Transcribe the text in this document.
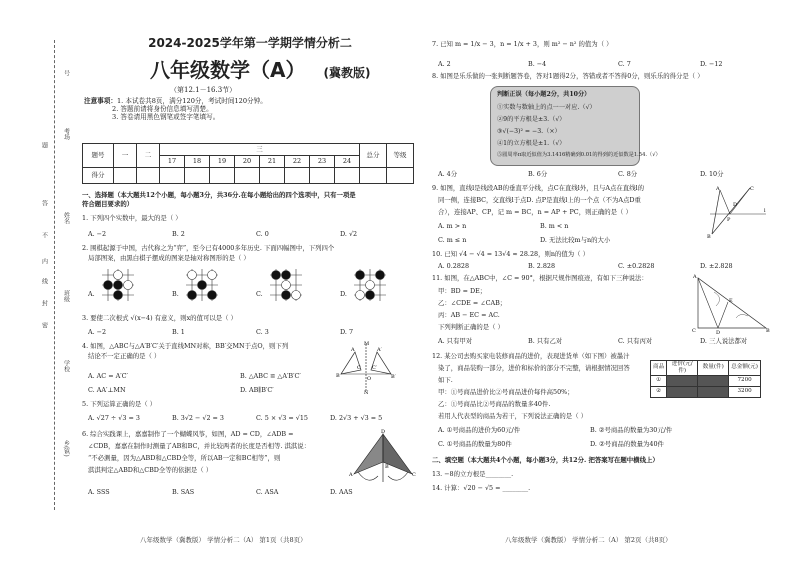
号
考场
题
答
姓名
不
内
线
封
密
班级
学校
乡(镇)
2024-2025学年第一学期学情分析二
八年级数学（A） (冀教版)
（第12.1－16.3节）
注意事项：1. 本试卷共8页，满分120分，考试时间120分钟。
2. 答题前请将身份信息填写清楚。
3. 答卷请用黑色钢笔或签字笔填写。
题号	一	二	三								总分	等级
			17	18	19	20	21	22	23	24		
得分												
一、选择题（本大题共12个小题，每小题3分，共36分.在每小题给出的四个选项中，只有一项是
符合题目要求的）
1. 下列四个实数中，最大的是（ ）
A. −2	B. 2	C. 0	D. √2
2. 围棋起源于中国，古代称之为“弈”，至今已有4000多年历史. 下面四幅图中，下列四个
局部图案，由黑白棋子摆成的图案是轴对称图形的是（ ）
A.	B.	C.	D.
3. 要使二次根式 √(x−4) 有意义，则x的值可以是（ ）
A. −2	B. 1	C. 3	D. 7
4. 如图，△ABC与△A′B′C′关于直线MN对称，BB′交MN于点O，则下列
结论不一定正确的是（ ）
A. AC = A′C′	B. △ABC ≌ △A′B′C′
C. AA′⊥MN	D. AB∥B′C′
M
A	A′
B	O	B′
C C′
N
5. 下列运算正确的是（ ）
A. √27 ÷ √3 = 3	B. 3√2 − √2 = 3	C. 5 × √3 = √15	D. 2√3 + √3 = 5
6. 综合实践课上，嘉嘉制作了一个蝴蝶风筝，如图，AD = CD，∠ADB =
∠CDB，嘉嘉在制作时测量了AB和BC，并比较两者的长度是否相等. 淇淇说：
“不必测量，因为△ABD和△CBD全等，所以AB一定和BC相等”，则
淇淇判定△ABD和△CBD全等的依据是（ ）
A. SSS	B. SAS	C. ASA	D. AAS
D
A	C
B
八年级数学（冀教版） 学情分析二（A） 第1页（共8页）
7. 已知 m = 1/x − 3，n = 1/x + 3，则 m² − n² 的值为（ ）
A. 2	B. −4	C. 7	D. −12
8. 如图是乐乐做的一张判断题答卷，答对1题得2分，答错或者不答得0分，则乐乐的得分是（ ）
判断正误（每小题2分，共10分）
①实数与数轴上的点一一对应.（√）
②9的平方根是±3.（√）
③√(−3)² = −3.（×）
④1的立方根是±1.（√）
⑤圆周率π取近似值为3.1416精确到0.01的得到的近似数是1.54.（√）
A. 4分	B. 6分	C. 8分	D. 10分
9. 如图，直线l是线段AB的垂直平分线，点C在直线l外，且与A点在直线l的
同一侧，连接BC，交直线l于点D. 点P是直线l上的一个点（不为A点D重
合），连接AP、CP，记 m = BC，n = AP + PC，则正确的是（ ）
A. m > n	B. m < n
C. m ≤ n	D. 无法比较m与n的大小
A
P
D
C
B
l
10. 已知 √4 − √4 = 13√4 ≈ 28.28，则n的值为（ ）
A. 0.2828	B. 2.828	C. ±0.2828	D. ±2.828
11. 如图，在△ABC中，∠C = 90°，根据尺规作图痕迹，有如下三种说法：
甲：BD = DE；
乙：∠CDE = ∠CAB；
丙：AB − EC = AC.
下列判断正确的是（ ）
A. 只有甲对	B. 只有乙对	C. 只有丙对	D. 三人说法都对
A
E
C	D	B
12. 某公司去购买家电装修商品的进价，表现进货单（如下图）被墨汁
染了，商品装购一部分，进价和标价的部分不完整，请根据情况回答
如下.
甲：①号商品进价比②号商品进价每件高50%；
乙：①号商品比②号商品的数量多40件.
若用人代表型的商品为若干，下列说法正确的是（ ）
A. ①号商品的进价为60元/件	B. ②号商品的数量为30元/件
C. ①号商品的数量为80件	D. ②号商品的数量为40件
商品	进价(元/件)	数量(件)	总金额(元)
①			7200
②			3200
二、填空题（本大题共4个小题，每小题3分，共12分. 把答案写在题中横线上）
13. −8的立方根是________.
14. 计算：√20 − √5 = ________.
八年级数学（冀教版） 学情分析二（A） 第2页（共8页）
